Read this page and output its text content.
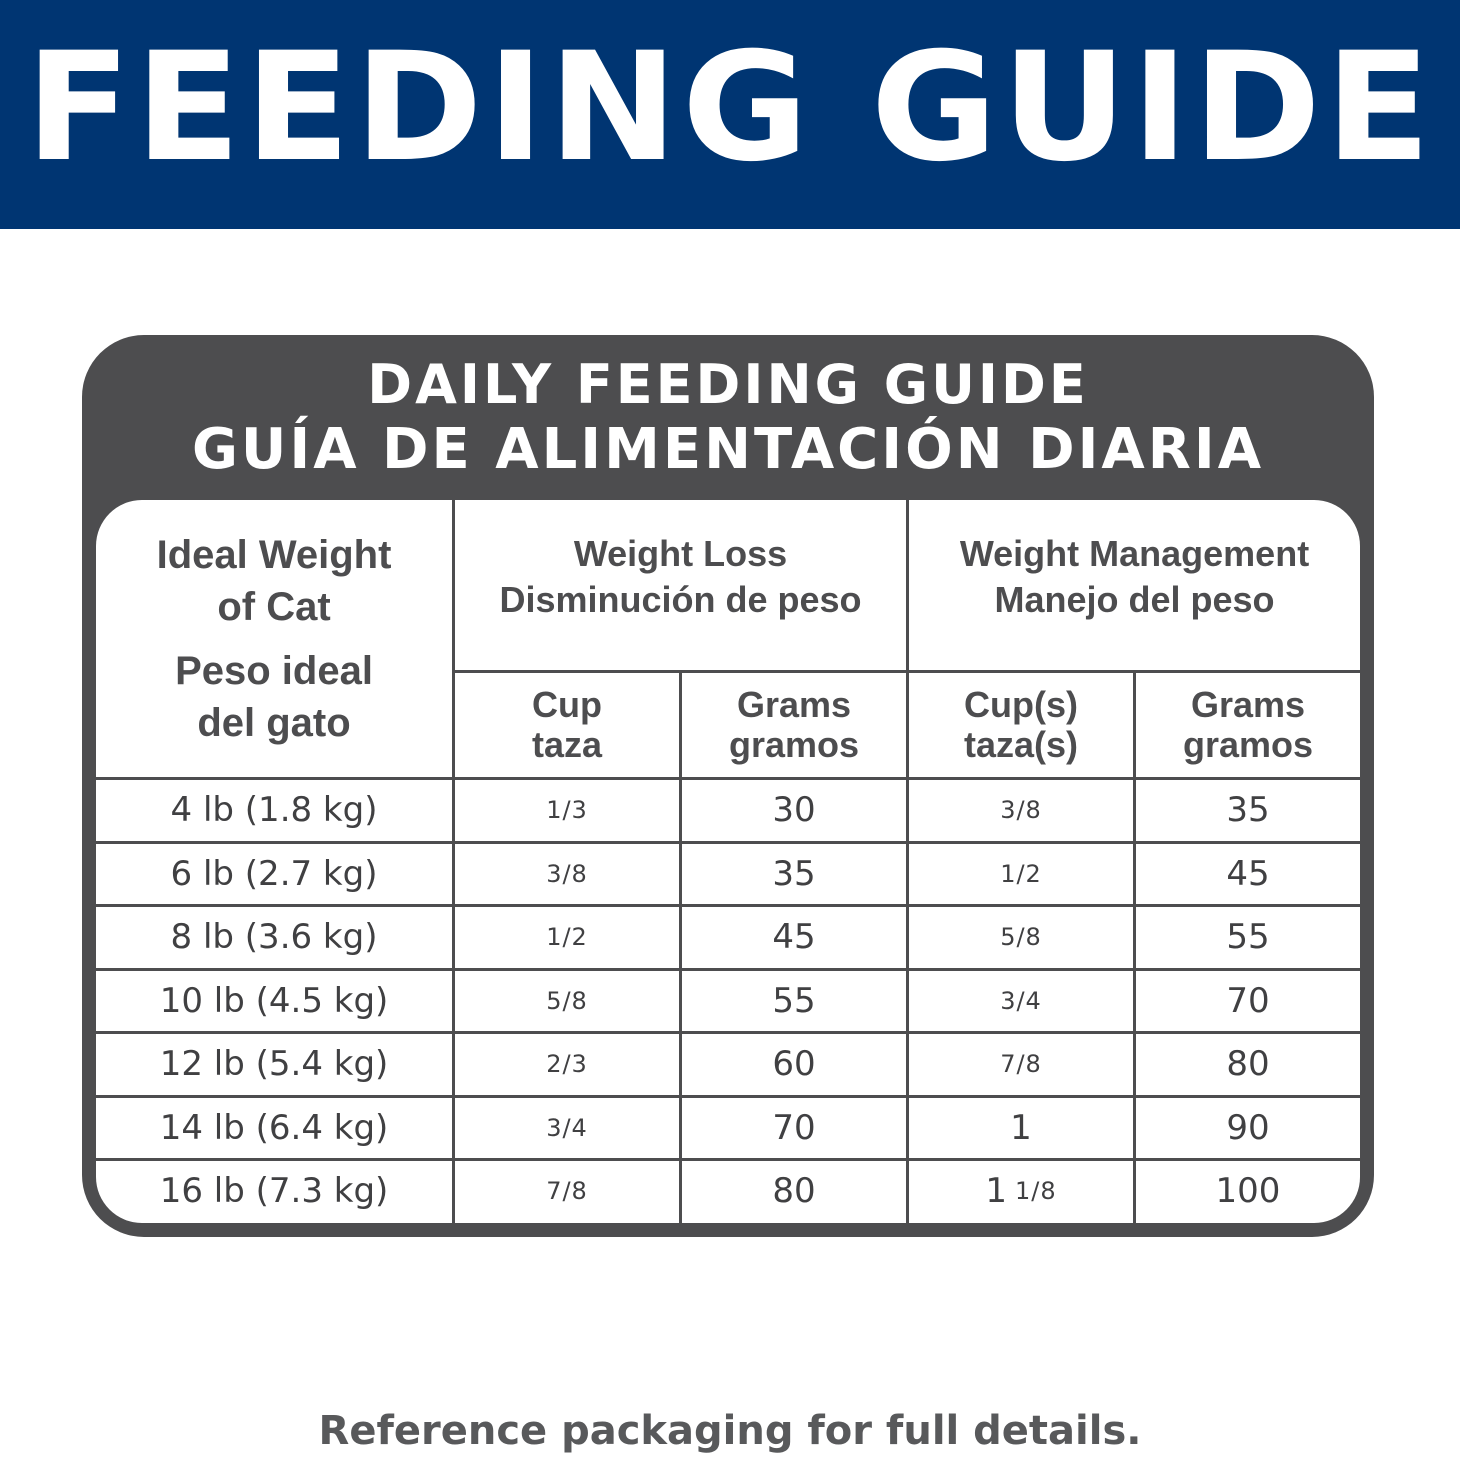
FEEDING GUIDE
DAILY FEEDING GUIDE
GUÍA DE ALIMENTACIÓN DIARIA
Ideal Weight
of Cat
Peso ideal
del gato
Weight Loss
Disminución de peso
Weight Management
Manejo del peso
Cup
taza
Grams
gramos
Cup(s)
taza(s)
Grams
gramos
4 lb (1.8 kg)	1/3	30	3/8	35
6 lb (2.7 kg)	3/8	35	1/2	45
8 lb (3.6 kg)	1/2	45	5/8	55
10 lb (4.5 kg)	5/8	55	3/4	70
12 lb (5.4 kg)	2/3	60	7/8	80
14 lb (6.4 kg)	3/4	70	1	90
16 lb (7.3 kg)	7/8	80	1 1/8	100
Reference packaging for full details.
